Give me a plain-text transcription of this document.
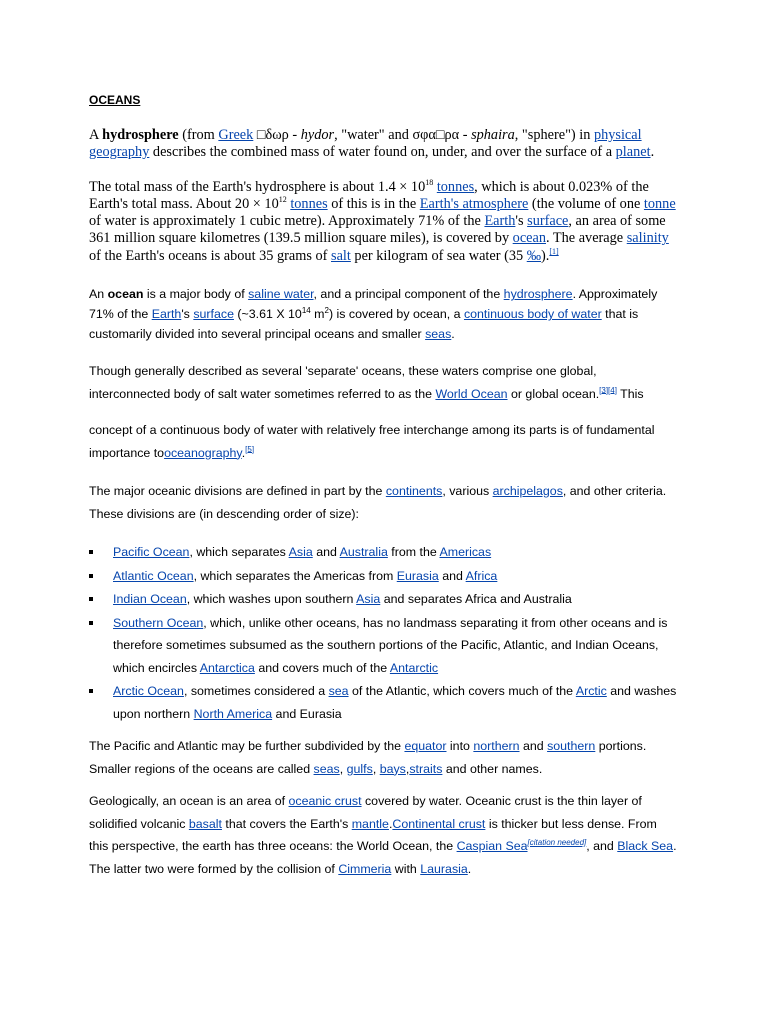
OCEANS

A hydrosphere (from Greek □δωρ - hydor, "water" and σφα□ρα - sphaira, "sphere") in physical geography describes the combined mass of water found on, under, and over the surface of a planet.

The total mass of the Earth's hydrosphere is about $1.4 \times 10^{18}$ tonnes, which is about 0.023% of the Earth's total mass. About $20 \times 10^{12}$ tonnes of this is in the Earth's atmosphere (the volume of one tonne of water is approximately 1 cubic metre). Approximately 71% of the Earth's surface, an area of some 361 million square kilometres (139.5 million square miles), is covered by ocean. The average salinity of the Earth's oceans is about 35 grams of salt per kilogram of sea water (35 ‰).[1]

An ocean is a major body of saline water, and a principal component of the hydrosphere. Approximately 71% of the Earth's surface (~3.61 X $10^{14}$ $m^2$) is covered by ocean, a continuous body of water that is customarily divided into several principal oceans and smaller seas.

Though generally described as several 'separate' oceans, these waters comprise one global, interconnected body of salt water sometimes referred to as the World Ocean or global ocean.[3][4] This

concept of a continuous body of water with relatively free interchange among its parts is of fundamental importance tooceanography.[5]

The major oceanic divisions are defined in part by the continents, various archipelagos, and other criteria. These divisions are (in descending order of size):

Pacific Ocean, which separates Asia and Australia from the Americas
Atlantic Ocean, which separates the Americas from Eurasia and Africa
Indian Ocean, which washes upon southern Asia and separates Africa and Australia
Southern Ocean, which, unlike other oceans, has no landmass separating it from other oceans and is therefore sometimes subsumed as the southern portions of the Pacific, Atlantic, and Indian Oceans, which encircles Antarctica and covers much of the Antarctic
Arctic Ocean, sometimes considered a sea of the Atlantic, which covers much of the Arctic and washes upon northern North America and Eurasia

The Pacific and Atlantic may be further subdivided by the equator into northern and southern portions. Smaller regions of the oceans are called seas, gulfs, bays,straits and other names.

Geologically, an ocean is an area of oceanic crust covered by water. Oceanic crust is the thin layer of solidified volcanic basalt that covers the Earth's mantle.Continental crust is thicker but less dense. From this perspective, the earth has three oceans: the World Ocean, the Caspian Sea[citation needed], and Black Sea. The latter two were formed by the collision of Cimmeria with Laurasia.
